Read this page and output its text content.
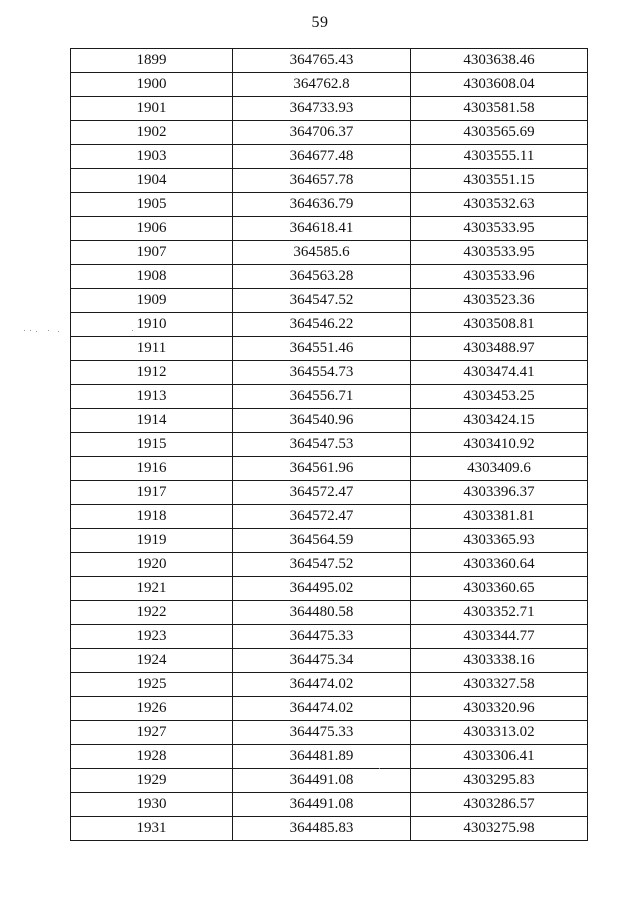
59
1899	364765.43	4303638.46
1900	364762.8	4303608.04
1901	364733.93	4303581.58
1902	364706.37	4303565.69
1903	364677.48	4303555.11
1904	364657.78	4303551.15
1905	364636.79	4303532.63
1906	364618.41	4303533.95
1907	364585.6	4303533.95
1908	364563.28	4303533.96
1909	364547.52	4303523.36
1910	364546.22	4303508.81
1911	364551.46	4303488.97
1912	364554.73	4303474.41
1913	364556.71	4303453.25
1914	364540.96	4303424.15
1915	364547.53	4303410.92
1916	364561.96	4303409.6
1917	364572.47	4303396.37
1918	364572.47	4303381.81
1919	364564.59	4303365.93
1920	364547.52	4303360.64
1921	364495.02	4303360.65
1922	364480.58	4303352.71
1923	364475.33	4303344.77
1924	364475.34	4303338.16
1925	364474.02	4303327.58
1926	364474.02	4303320.96
1927	364475.33	4303313.02
1928	364481.89	4303306.41
1929	364491.08	4303295.83
1930	364491.08	4303286.57
1931	364485.83	4303275.98
